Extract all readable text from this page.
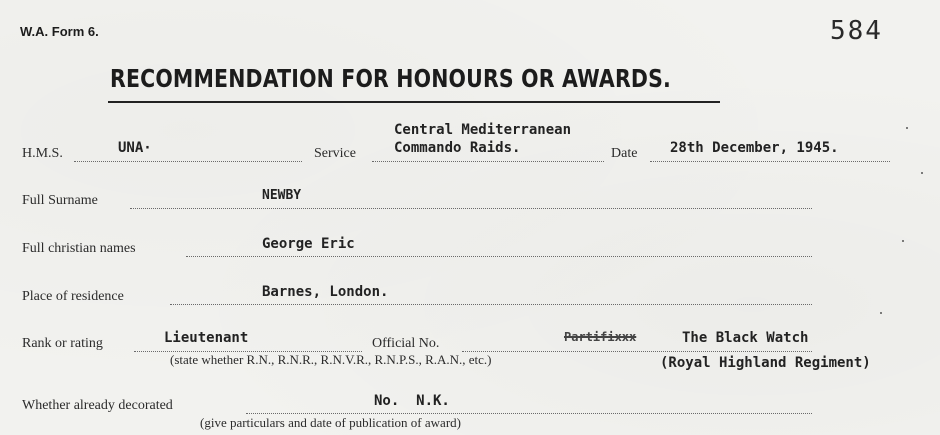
W.A. Form 6.	584
RECOMMENDATION FOR HONOURS OR AWARDS.
H.M.S.	UNA·	Service
Central Mediterranean
Commando Raids.	Date 28th December, 1945.
Full Surname	NEWBY
Full christian names	George Eric
Place of residence	Barnes, London.
Rank or rating	Lieutenant	Official No.	Partifixxx	The Black Watch
(Royal Highland Regiment)
(state whether R.N., R.N.R., R.N.V.R., R.N.P.S., R.A.N., etc.)
Whether already decorated	No.  N.K.
(give particulars and date of publication of award)
